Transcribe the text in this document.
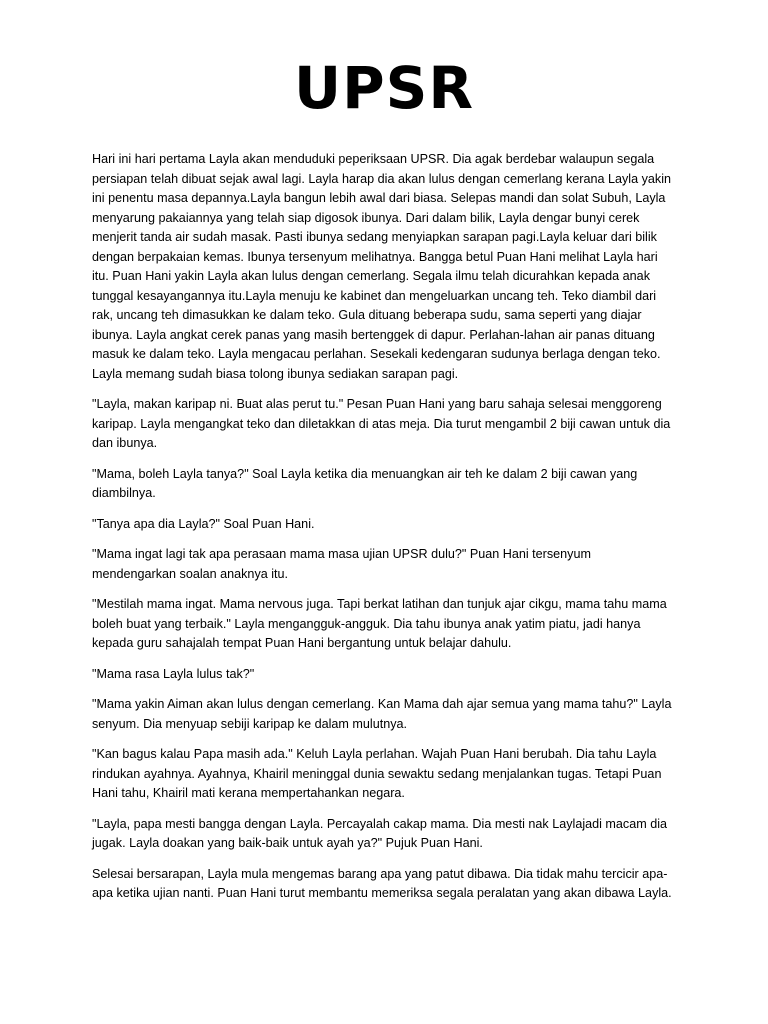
UPSR

Hari ini hari pertama Layla akan menduduki peperiksaan UPSR. Dia agak berdebar walaupun segala persiapan telah dibuat sejak awal lagi. Layla harap dia akan lulus dengan cemerlang kerana Layla yakin ini penentu masa depannya.Layla bangun lebih awal dari biasa. Selepas mandi dan solat Subuh, Layla menyarung pakaiannya yang telah siap digosok ibunya. Dari dalam bilik, Layla dengar bunyi cerek menjerit tanda air sudah masak. Pasti ibunya sedang menyiapkan sarapan pagi.Layla keluar dari bilik dengan berpakaian kemas. Ibunya tersenyum melihatnya. Bangga betul Puan Hani melihat Layla hari itu. Puan Hani yakin Layla akan lulus dengan cemerlang. Segala ilmu telah dicurahkan kepada anak tunggal kesayangannya itu.Layla menuju ke kabinet dan mengeluarkan uncang teh. Teko diambil dari rak, uncang teh dimasukkan ke dalam teko. Gula dituang beberapa sudu, sama seperti yang diajar ibunya. Layla angkat cerek panas yang masih bertenggek di dapur. Perlahan-lahan air panas dituang masuk ke dalam teko. Layla mengacau perlahan. Sesekali kedengaran sudunya berlaga dengan teko. Layla memang sudah biasa tolong ibunya sediakan sarapan pagi.

"Layla, makan karipap ni. Buat alas perut tu." Pesan Puan Hani yang baru sahaja selesai menggoreng karipap. Layla mengangkat teko dan diletakkan di atas meja. Dia turut mengambil 2 biji cawan untuk dia dan ibunya.

"Mama, boleh Layla tanya?" Soal Layla ketika dia menuangkan air teh ke dalam 2 biji cawan yang diambilnya.

"Tanya apa dia Layla?" Soal Puan Hani.

"Mama ingat lagi tak apa perasaan mama masa ujian UPSR dulu?" Puan Hani tersenyum mendengarkan soalan anaknya itu.

"Mestilah mama ingat. Mama nervous juga. Tapi berkat latihan dan tunjuk ajar cikgu, mama tahu mama boleh buat yang terbaik." Layla mengangguk-angguk. Dia tahu ibunya anak yatim piatu, jadi hanya kepada guru sahajalah tempat Puan Hani bergantung untuk belajar dahulu.

"Mama rasa Layla lulus tak?"

"Mama yakin Aiman akan lulus dengan cemerlang. Kan Mama dah ajar semua yang mama tahu?" Layla senyum. Dia menyuap sebiji karipap ke dalam mulutnya.

"Kan bagus kalau Papa masih ada." Keluh Layla perlahan. Wajah Puan Hani berubah. Dia tahu Layla rindukan ayahnya. Ayahnya, Khairil meninggal dunia sewaktu sedang menjalankan tugas. Tetapi Puan Hani tahu, Khairil mati kerana mempertahankan negara.

"Layla, papa mesti bangga dengan Layla. Percayalah cakap mama. Dia mesti nak Laylajadi macam dia jugak. Layla doakan yang baik-baik untuk ayah ya?" Pujuk Puan Hani.

Selesai bersarapan, Layla mula mengemas barang apa yang patut dibawa. Dia tidak mahu tercicir apa-apa ketika ujian nanti. Puan Hani turut membantu memeriksa segala peralatan yang akan dibawa Layla.
